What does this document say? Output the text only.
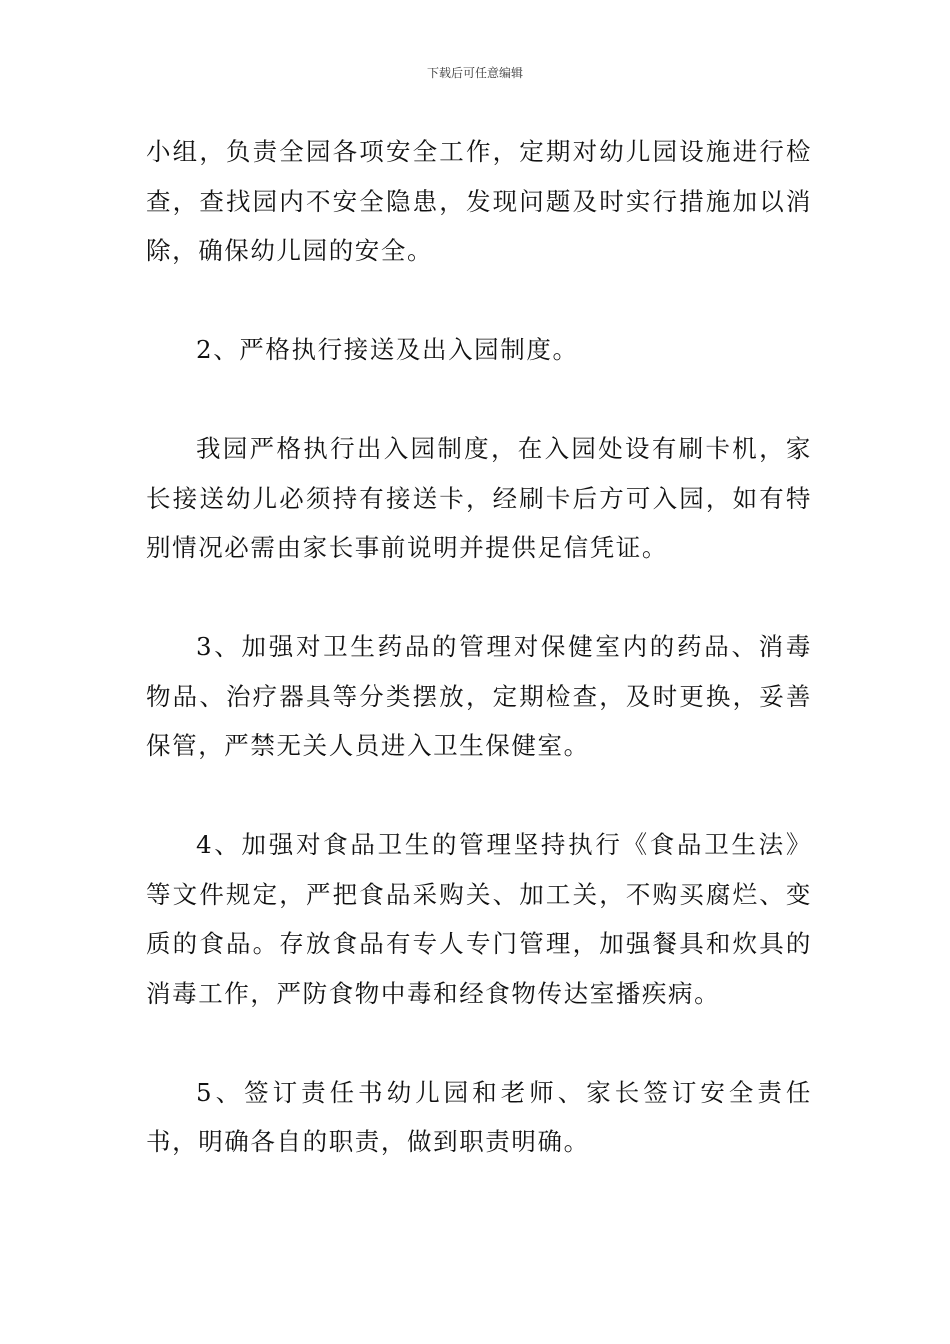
下载后可任意编辑

小组，负责全园各项安全工作，定期对幼儿园设施进行检查，查找园内不安全隐患，发现问题及时实行措施加以消除，确保幼儿园的安全。

2、严格执行接送及出入园制度。

我园严格执行出入园制度，在入园处设有刷卡机，家长接送幼儿必须持有接送卡，经刷卡后方可入园，如有特别情况必需由家长事前说明并提供足信凭证。

3、加强对卫生药品的管理对保健室内的药品、消毒物品、治疗器具等分类摆放，定期检查，及时更换，妥善保管，严禁无关人员进入卫生保健室。

4、加强对食品卫生的管理坚持执行《食品卫生法》等文件规定，严把食品采购关、加工关，不购买腐烂、变质的食品。存放食品有专人专门管理，加强餐具和炊具的消毒工作，严防食物中毒和经食物传达室播疾病。

5、签订责任书幼儿园和老师、家长签订安全责任书，明确各自的职责，做到职责明确。
